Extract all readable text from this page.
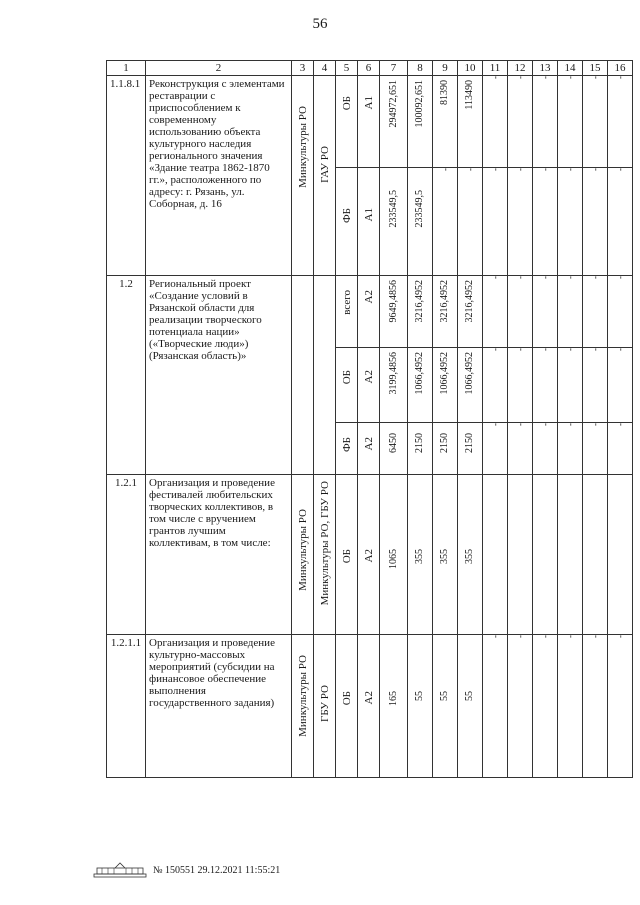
56
1	2	3	4	5	6	7	8	9	10	11	12	13	14	15	16
1.1.8.1	Реконструкция с элементами реставрации с приспособлением к современному использованию объекта культурного наследия регионального значения «Здание театра 1862-1870 гг.», расположенного по адресу: г. Рязань, ул. Соборная, д. 16	Минкультуры РО	ГАУ РО	ОБ	А1	294972,651	100092,651	81390	113490	-	-	-	-	-	-

				ФБ	А1	233549,5	233549,5	-	-	-	-	-	-	-	-

1.2	Региональный проект «Создание условий в Рязанской области для реализации творческого потенциала нации» («Творческие люди») (Рязанская область)»			всего	А2	9649,4856	3216,4952	3216,4952	3216,4952	-	-	-	-	-	-

				ОБ	А2	3199,4856	1066,4952	1066,4952	1066,4952	-	-	-	-	-	-

				ФБ	А2	6450	2150	2150	2150	-	-	-	-	-	-

1.2.1	Организация и проведение фестивалей любительских творческих коллективов, в том числе с вручением грантов лучшим коллективам, в том числе:	Минкультуры РО	Минкультуры РО, ГБУ РО	ОБ	А2	1065	355	355	355						

1.2.1.1	Организация и проведение культурно-массовых мероприятий (субсидии на финансовое обеспечение выполнения государственного задания)	Минкультуры РО	ГБУ РО	ОБ	А2	165	55	55	55	-	-	-	-	-	-
№ 150551 29.12.2021 11:55:21
